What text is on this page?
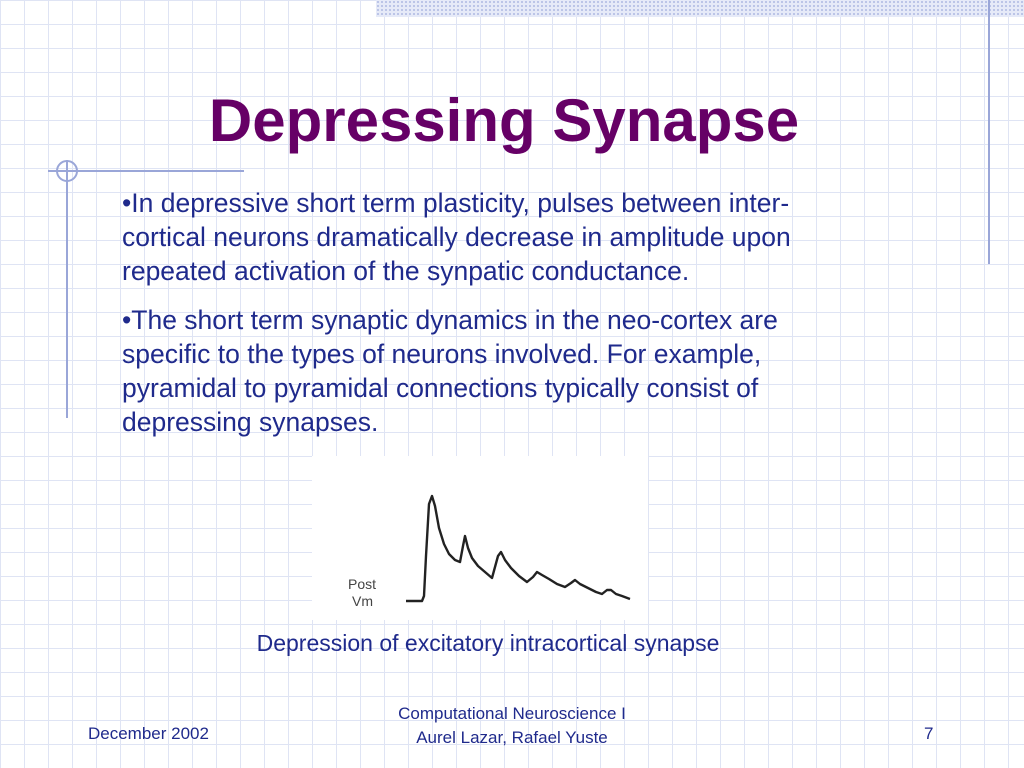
Depressing Synapse

•In depressive short term plasticity, pulses between inter-cortical neurons dramatically decrease in amplitude upon repeated activation of the synpatic conductance.

•The short term synaptic dynamics in the neo-cortex are specific to the types of neurons involved. For example, pyramidal to pyramidal connections typically consist of depressing synapses.

Post
Vm
Depression of excitatory intracortical synapse
December 2002
Computational Neuroscience I
Aurel Lazar, Rafael Yuste	7
